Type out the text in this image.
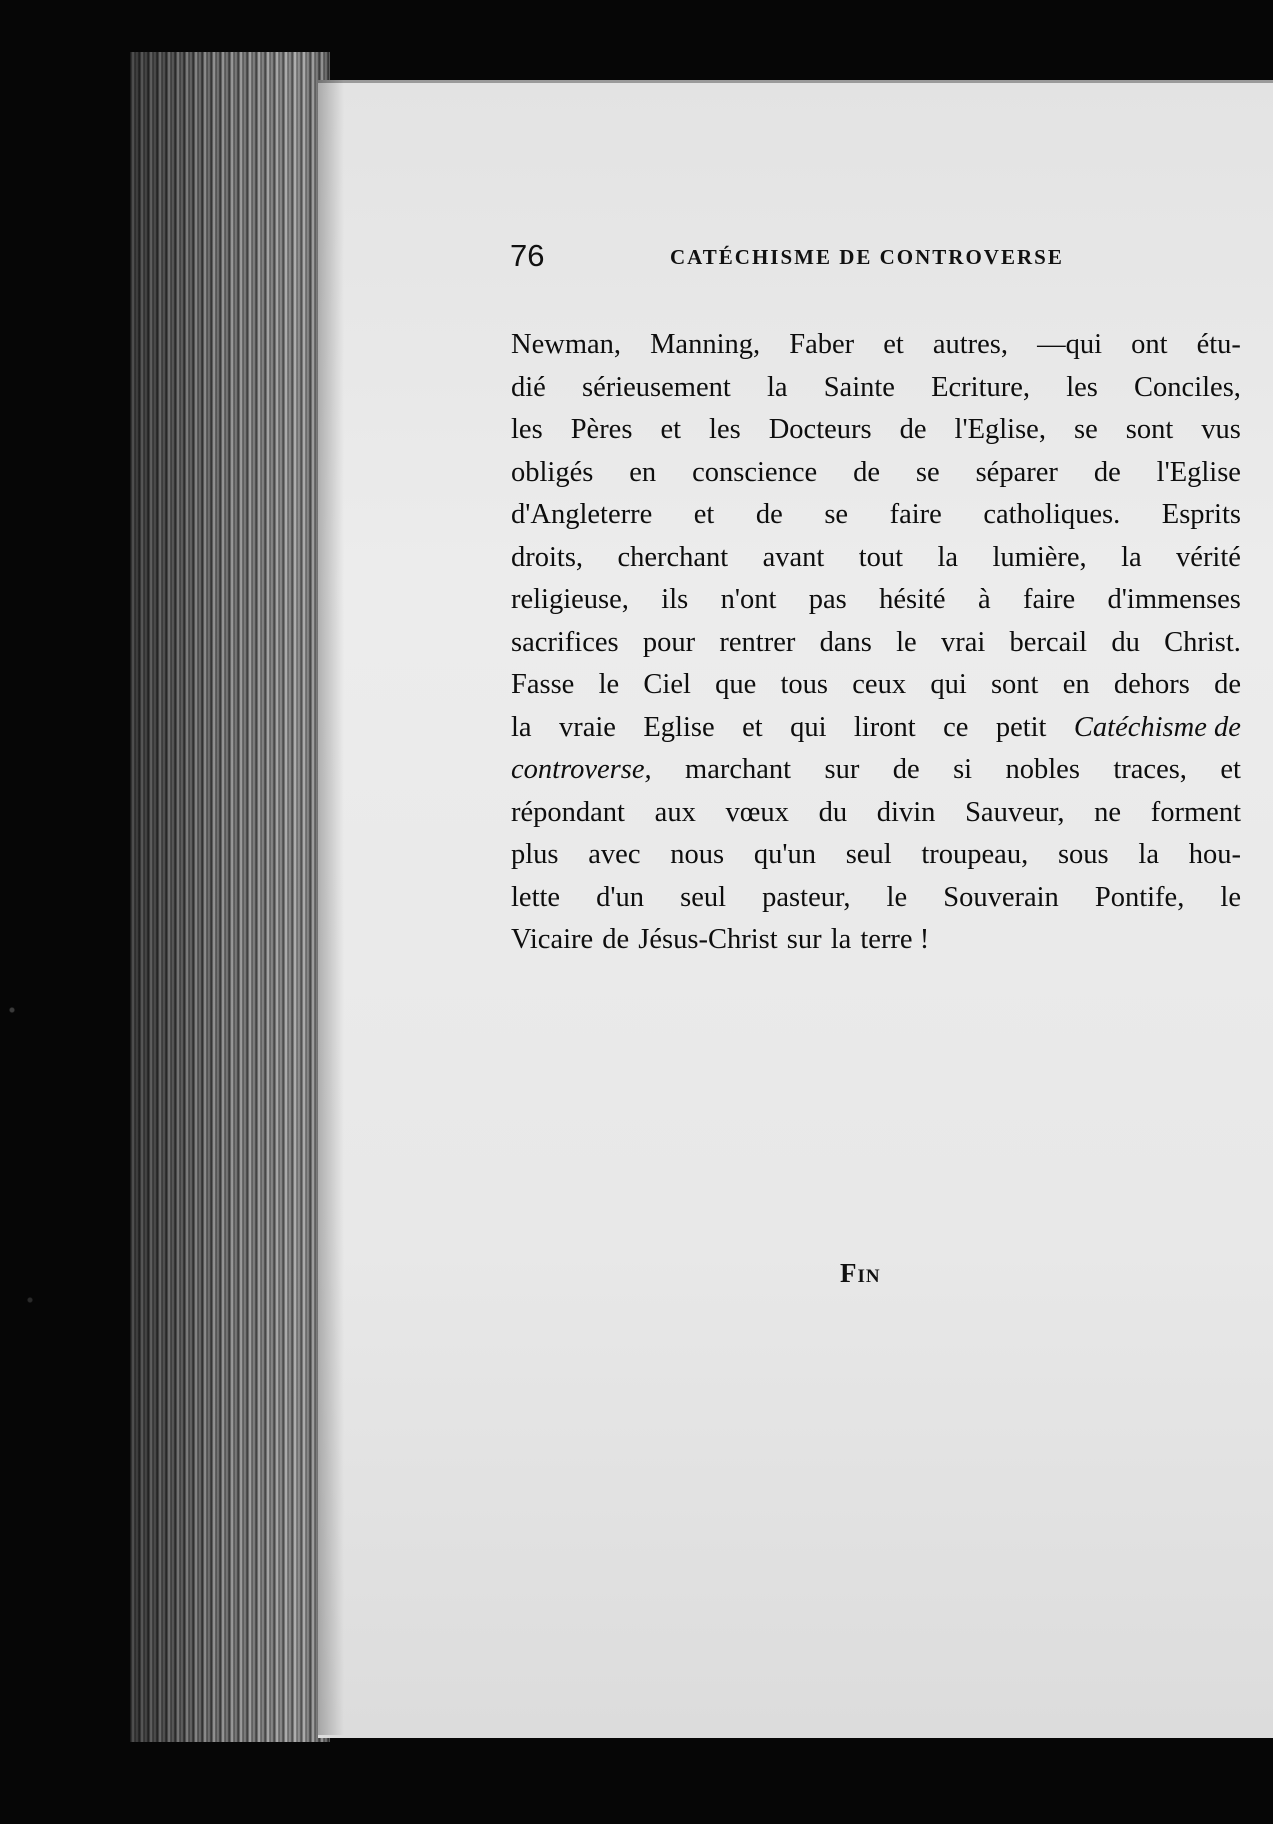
76	CATÉCHISME DE CONTROVERSE
Newman, Manning, Faber et autres, —qui ont étu-
dié sérieusement la Sainte Ecriture, les Conciles,
les Pères et les Docteurs de l'Eglise, se sont vus
obligés en conscience de se séparer de l'Eglise
d'Angleterre et de se faire catholiques. Esprits
droits, cherchant avant tout la lumière, la vérité
religieuse, ils n'ont pas hésité à faire d'immenses
sacrifices pour rentrer dans le vrai bercail du Christ.
Fasse le Ciel que tous ceux qui sont en dehors de
la vraie Eglise et qui liront ce petit Catéchisme de
controverse, marchant sur de si nobles traces, et
répondant aux vœux du divin Sauveur, ne forment
plus avec nous qu'un seul troupeau, sous la hou-
lette d'un seul pasteur, le Souverain Pontife, le
Vicaire de Jésus-Christ sur la terre !
Fin
